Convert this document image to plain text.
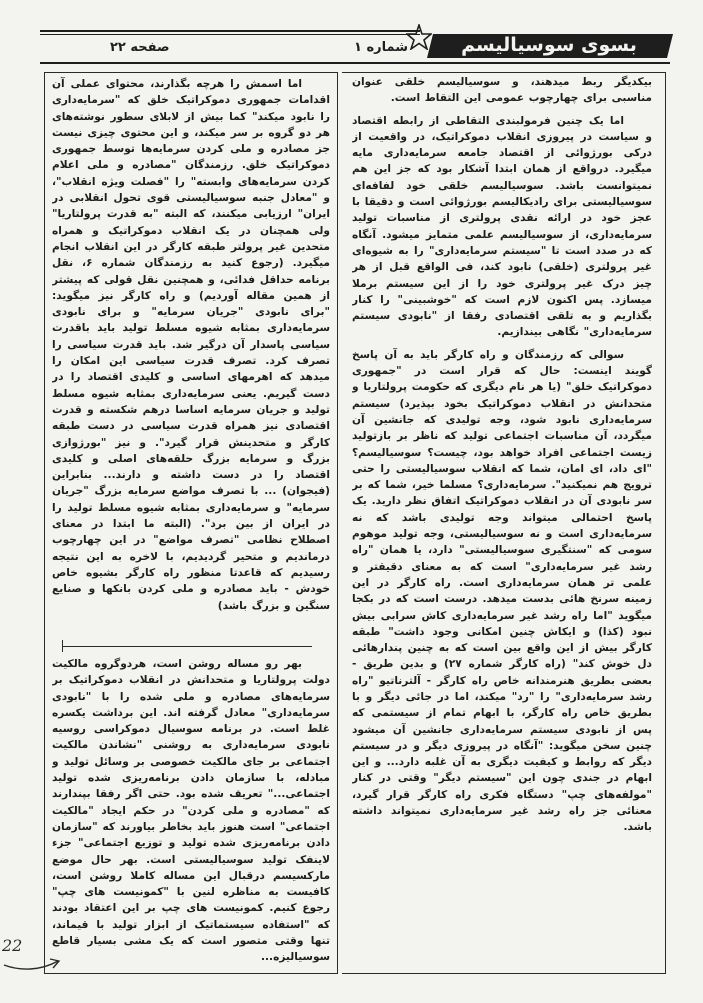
بسوی سوسیالیسم
شماره ۱
صفحه ۲۲

بیکدیگر ربط میدهند، و سوسیالیسم خلقی عنوان مناسبی برای چهارچوب عمومی این التقاط است.

اما یک چنین فرمولبندی التقاطی از رابطه اقتصاد و سیاست در پیروزی انقلاب دموکراتیک، در واقعیت از درکی بورژوائی از اقتصاد جامعه سرمایه‌داری مایه میگیرد. درواقع از همان ابتدا آشکار بود که جز این هم نمیتوانست باشد. سوسیالیسم خلقی خود لفافه‌ای سوسیالیستی برای رادیکالیسم بورژوائی است و دقیقا با عجز خود در ارائه نقدی پرولتری از مناسبات تولید سرمایه‌داری، از سوسیالیسم علمی متمایز میشود. آنگاه که در صدد است تا "سیستم سرمایه‌داری" را به شیوه‌ای غیر پرولتری (خلقی) نابود کند، فی الواقع قبل از هر چیز درک غیر پرولتری خود را از این سیستم برملا میسازد. پس اکنون لازم است که "خوشبینی" را کنار بگذاریم و به تلقی اقتصادی رفقا از "نابودی سیستم سرمایه‌داری" نگاهی بیندازیم.

سوالی که رزمندگان و راه کارگر باید به آن پاسخ گویند اینست: حال که قرار است در "جمهوری دموکراتیک خلق" (یا هر نام دیگری که حکومت پرولتاریا و متحدانش در انقلاب دموکراتیک بخود بپذیرد) سیستم سرمایه‌داری نابود شود، وجه تولیدی که جانشین آن میگردد، آن مناسبات اجتماعی تولید که ناظر بر بازتولید زیست اجتماعی افراد خواهد بود، چیست؟ سوسیالیسم؟ "ای داد، ای امان، شما که انقلاب سوسیالیستی را حتی ترویج هم نمیکنید". سرمایه‌داری؟ مسلما خیر، شما که بر سر نابودی آن در انقلاب دموکراتیک اتفاق نظر دارید. یک پاسخ احتمالی میتواند وجه تولیدی باشد که نه سرمایه‌داری است و نه سوسیالیستی، وجه تولید موهوم سومی که "سنتگیری سوسیالیستی" دارد، یا همان "راه رشد غیر سرمایه‌داری" است که به معنای دقیقتر و علمی تر همان سرمایه‌داری است. راه کارگر در این زمینه سرنخ هائی بدست میدهد. درست است که در بکجا میگوید "اما راه رشد غیر سرمایه‌داری کاش سرابی بیش نبود (کذا) و ایکاش چنین امکانی وجود داشت" طبقه کارگر بیش از این واقع بین است که به چنین پندارهائی دل خوش کند" (راه کارگر شماره ۲۷) و بدین طریق - بعضی بطریق هنرمندانه خاص راه کارگر - آلترناتیو "راه رشد سرمایه‌داری" را "رد" میکند، اما در جائی دیگر و با بطریق خاص راه کارگر، با ابهام تمام از سیستمی که پس از نابودی سیستم سرمایه‌داری جانشین آن میشود چنین سخن میگوید: "آنگاه در پیروزی دیگر و در سیستم دیگر که روابط و کیفیت دیگری به آن غلبه دارد... و این ابهام در جندی چون این "سیستم دیگر" وقتی در کنار "مولفه‌های چپ" دستگاه فکری راه کارگر قرار گیرد، معنائی جز راه رشد غیر سرمایه‌داری نمیتواند داشته باشد.

اما اسمش را هرچه بگذارند، محتوای عملی آن اقدامات جمهوری دموکراتیک خلق که "سرمایه‌داری را نابود میکند" کما بیش از لابلای سطور نوشته‌های هر دو گروه بر سر میکند، و این محتوی چیزی نیست جز مصادره و ملی کردن سرمایه‌ها توسط جمهوری دموکراتیک خلق. رزمندگان "مصادره و ملی اعلام کردن سرمایه‌های وابسته" را "فصلت ویژه انقلاب"، و "معادل جنبه سوسیالیستی قوی تحول انقلابی در ایران" ارزیابی میکنند، که البته "به قدرت پرولتاریا" ولی همچنان در یک انقلاب دموکراتیک و همراه متحدین غیر پرولتر طبقه کارگر در این انقلاب انجام میگیرد. (رجوع کنید به رزمندگان شماره ۶، نقل برنامه حداقل فدائی، و همچنین نقل قولی که پیشتر از همین مقاله آوردیم) و راه کارگر نیز میگوید: "برای نابودی "جریان سرمایه" و برای نابودی سرمایه‌داری بمثابه شیوه مسلط تولید باید باقدرت سیاسی پاسدار آن درگیر شد. باید قدرت سیاسی را تصرف کرد. تصرف قدرت سیاسی این امکان را میدهد که اهرمهای اساسی و کلیدی اقتصاد را در دست گیریم. یعنی سرمایه‌داری بمثابه شیوه مسلط تولید و جریان سرمایه اساسا درهم شکسته و قدرت اقتصادی نیز همراه قدرت سیاسی در دست طبقه کارگر و متحدینش قرار گیرد". و نیز "بورژوازی بزرگ و سرمایه بزرگ حلقه‌های اصلی و کلیدی اقتصاد را در دست داشته و دارند... بنابراین (فیجوان) ... با تصرف مواضع سرمایه بزرگ "جریان سرمایه" و سرمایه‌داری بمثابه شیوه مسلط تولید را در ایران از بین برد". (البته ما ابتدا در معنای اصطلاح نظامی "تصرف مواضع" در این چهارچوب درماندیم و متحیر گردیدیم، با لاخره به این نتیجه رسیدیم که قاعدتا منظور راه کارگر بشیوه خاص خودش - باید مصادره و ملی کردن بانکها و صنایع سنگین و بزرگ باشد)

بهر رو مساله روشن است، هردوگروه مالکیت دولت پرولتاریا و متحدانش در انقلاب دموکراتیک بر سرمایه‌های مصادره و ملی شده را با "نابودی سرمایه‌داری" معادل گرفته اند. این برداشت یکسره غلط است. در برنامه سوسیال دموکراسی روسیه نابودی سرمایه‌داری به روشنی "نشاندن مالکیت اجتماعی بر جای مالکیت خصوصی بر وسائل تولید و مبادله، با سازمان دادن برنامه‌ریزی شده تولید اجتماعی..." تعریف شده بود. حتی اگر رفقا بپندارند که "مصادره و ملی کردن" در حکم ایجاد "مالکیت اجتماعی" است هنوز باید بخاطر بیاورند که "سازمان دادن برنامه‌ریزی شده تولید و توزیع اجتماعی" جزء لاینفک تولید سوسیالیستی است. بهر حال موضع مارکسیسم درقبال این مساله کاملا روشن است، کافیست به مناظره لنین با "کمونیست های چپ" رجوع کنیم. کمونیست های چپ بر این اعتقاد بودند که "استفاده سیستماتیک از ابزار تولید با قیماند، تنها وقتی متصور است که یک مشی بسیار قاطع سوسیالیزه...

22
